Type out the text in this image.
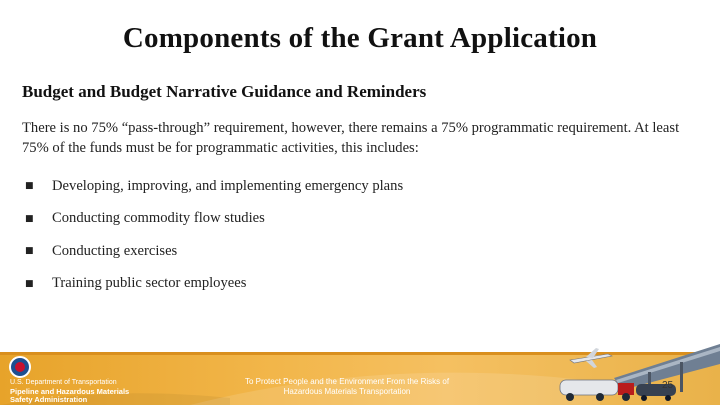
Components of the Grant Application
Budget and Budget Narrative Guidance and Reminders
There is no 75% “pass-through” requirement, however, there remains a 75% programmatic requirement. At least 75% of the funds must be for programmatic activities, this includes:
■	Developing, improving, and implementing emergency plans
■	Conducting commodity flow studies
■	Conducting exercises
■	Training public sector employees
U.S. Department of Transportation
Pipeline and Hazardous Materials
Safety Administration
To Protect People and the Environment From the Risks of
Hazardous Materials Transportation
25
